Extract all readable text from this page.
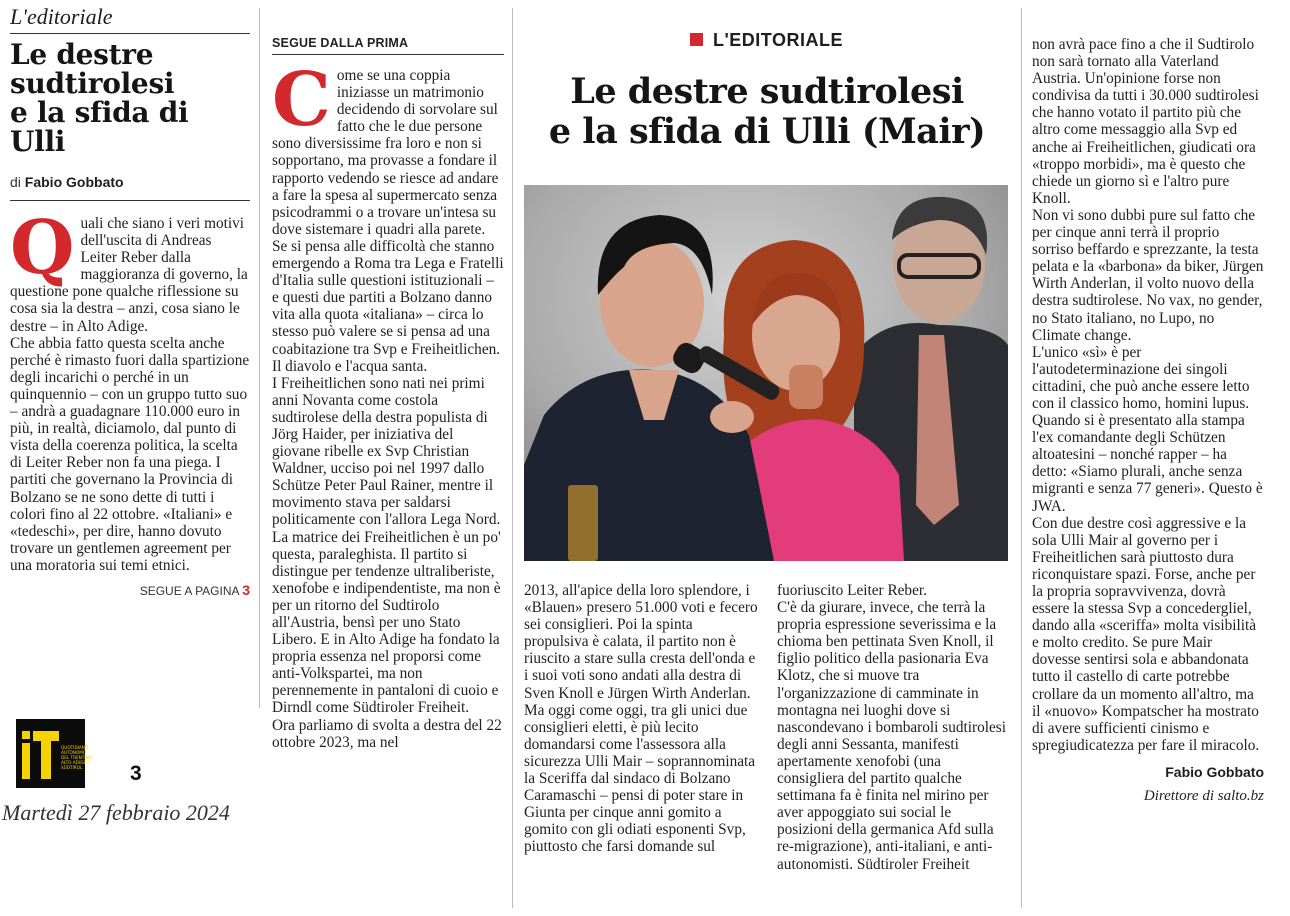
L'editoriale
Le destre
sudtirolesi
e la sfida di Ulli
di Fabio Gobbato
Q uali che siano i veri motivi dell'uscita di Andreas Leiter Reber dalla maggioranza di governo, la questione pone qualche riflessione su cosa sia la destra – anzi, cosa siano le destre – in Alto Adige.

Che abbia fatto questa scelta anche perché è rimasto fuori dalla spartizione degli incarichi o perché in un quinquennio – con un gruppo tutto suo – andrà a guadagnare 110.000 euro in più, in realtà, diciamolo, dal punto di vista della coerenza politica, la scelta di Leiter Reber non fa una piega. I partiti che governano la Provincia di Bolzano se ne sono dette di tutti i colori fino al 22 ottobre. «Italiani» e «tedeschi», per dire, hanno dovuto trovare un gentlemen agreement per una moratoria sui temi etnici.

SEGUE A PAGINA 3
QUOTIDIANO
AUTONOMO
DEL TRENTINO
ALTO ADIGE /
SÜDTIROL 3
Martedì 27 febbraio 2024
SEGUE DALLA PRIMA
C ome se una coppia iniziasse un matrimonio decidendo di sorvolare sul fatto che le due persone sono diversissime fra loro e non si sopportano, ma provasse a fondare il rapporto vedendo se riesce ad andare a fare la spesa al supermercato senza psicodrammi o a trovare un'intesa su dove sistemare i quadri alla parete.

Se si pensa alle difficoltà che stanno emergendo a Roma tra Lega e Fratelli d'Italia sulle questioni istituzionali – e questi due partiti a Bolzano danno vita alla quota «italiana» – circa lo stesso può valere se si pensa ad una coabitazione tra Svp e Freiheitlichen. Il diavolo e l'acqua santa.

I Freiheitlichen sono nati nei primi anni Novanta come costola sudtirolese della destra populista di Jörg Haider, per iniziativa del giovane ribelle ex Svp Christian Waldner, ucciso poi nel 1997 dallo Schütze Peter Paul Rainer, mentre il movimento stava per saldarsi politicamente con l'allora Lega Nord. La matrice dei Freiheitlichen è un po' questa, paraleghista. Il partito si distingue per tendenze ultraliberiste, xenofobe e indipendentiste, ma non è per un ritorno del Sudtirolo all'Austria, bensì per uno Stato Libero. E in Alto Adige ha fondato la propria essenza nel proporsi come anti-Volkspartei, ma non perennemente in pantaloni di cuoio e Dirndl come Südtiroler Freiheit.

Ora parliamo di svolta a destra del 22 ottobre 2023, ma nel

L'EDITORIALE
Le destre sudtirolesi
e la sfida di Ulli (Mair)

2013, all'apice della loro splendore, i «Blauen» presero 51.000 voti e fecero sei consiglieri. Poi la spinta propulsiva è calata, il partito non è riuscito a stare sulla cresta dell'onda e i suoi voti sono andati alla destra di Sven Knoll e Jürgen Wirth Anderlan. Ma oggi come oggi, tra gli unici due consiglieri eletti, è più lecito domandarsi come l'assessora alla sicurezza Ulli Mair – soprannominata la Sceriffa dal sindaco di Bolzano Caramaschi – pensi di poter stare in Giunta per cinque anni gomito a gomito con gli odiati esponenti Svp, piuttosto che farsi domande sul

fuoriuscito Leiter Reber.

C'è da giurare, invece, che terrà la propria espressione severissima e la chioma ben pettinata Sven Knoll, il figlio politico della pasionaria Eva Klotz, che si muove tra l'organizzazione di camminate in montagna nei luoghi dove si nascondevano i bombaroli sudtirolesi degli anni Sessanta, manifesti apertamente xenofobi (una consigliera del partito qualche settimana fa è finita nel mirino per aver appoggiato sui social le posizioni della germanica Afd sulla re-migrazione), anti-italiani, e anti-autonomisti. Südtiroler Freiheit

non avrà pace fino a che il Sudtirolo non sarà tornato alla Vaterland Austria. Un'opinione forse non condivisa da tutti i 30.000 sudtirolesi che hanno votato il partito più che altro come messaggio alla Svp ed anche ai Freiheitlichen, giudicati ora «troppo morbidi», ma è questo che chiede un giorno sì e l'altro pure Knoll.

Non vi sono dubbi pure sul fatto che per cinque anni terrà il proprio sorriso beffardo e sprezzante, la testa pelata e la «barbona» da biker, Jürgen Wirth Anderlan, il volto nuovo della destra sudtirolese. No vax, no gender, no Stato italiano, no Lupo, no Climate change.

L'unico «sì» è per l'autodeterminazione dei singoli cittadini, che può anche essere letto con il classico homo, homini lupus. Quando si è presentato alla stampa l'ex comandante degli Schützen altoatesini – nonché rapper – ha detto: «Siamo plurali, anche senza migranti e senza 77 generi». Questo è JWA.

Con due destre così aggressive e la sola Ulli Mair al governo per i Freiheitlichen sarà piuttosto dura riconquistare spazi. Forse, anche per la propria sopravvivenza, dovrà essere la stessa Svp a concedergliel, dando alla «sceriffa» molta visibilità e molto credito. Se pure Mair dovesse sentirsi sola e abbandonata tutto il castello di carte potrebbe crollare da un momento all'altro, ma il «nuovo» Kompatscher ha mostrato di avere sufficienti cinismo e spregiudicatezza per fare il miracolo.

Fabio Gobbato
Direttore di salto.bz
